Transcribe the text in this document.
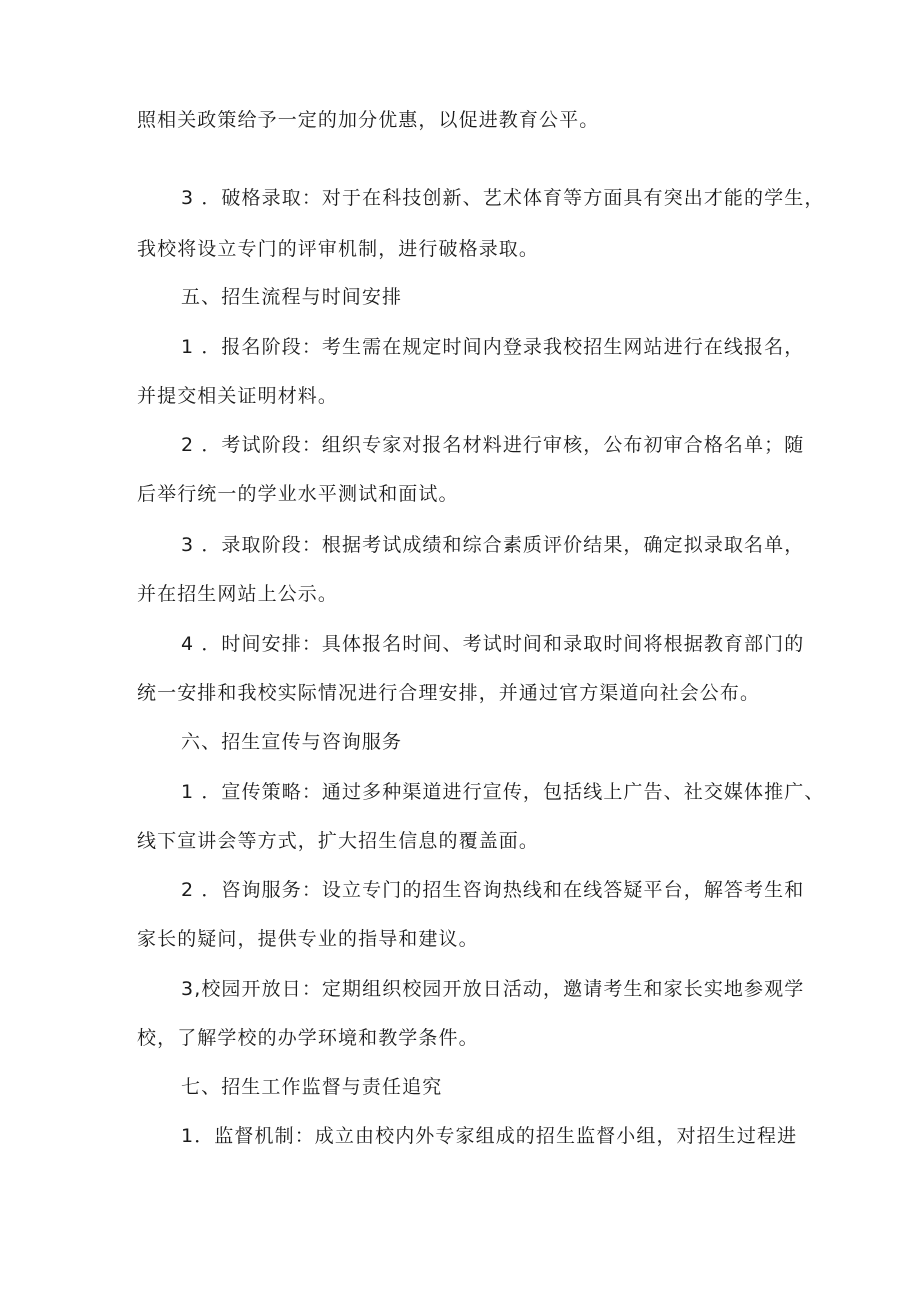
照相关政策给予一定的加分优惠，以促进教育公平。
3 ．破格录取：对于在科技创新、艺术体育等方面具有突出才能的学生，
我校将设立专门的评审机制，进行破格录取。
五、招生流程与时间安排
1 ．报名阶段：考生需在规定时间内登录我校招生网站进行在线报名，
并提交相关证明材料。
2 ．考试阶段：组织专家对报名材料进行审核，公布初审合格名单；随
后举行统一的学业水平测试和面试。
3 ．录取阶段：根据考试成绩和综合素质评价结果，确定拟录取名单，
并在招生网站上公示。
4 ．时间安排：具体报名时间、考试时间和录取时间将根据教育部门的
统一安排和我校实际情况进行合理安排，并通过官方渠道向社会公布。
六、招生宣传与咨询服务
1 ．宣传策略：通过多种渠道进行宣传，包括线上广告、社交媒体推广、
线下宣讲会等方式，扩大招生信息的覆盖面。
2 ．咨询服务：设立专门的招生咨询热线和在线答疑平台，解答考生和
家长的疑问，提供专业的指导和建议。
3,校园开放日：定期组织校园开放日活动，邀请考生和家长实地参观学
校，了解学校的办学环境和教学条件。
七、招生工作监督与责任追究
1．监督机制：成立由校内外专家组成的招生监督小组，对招生过程进
